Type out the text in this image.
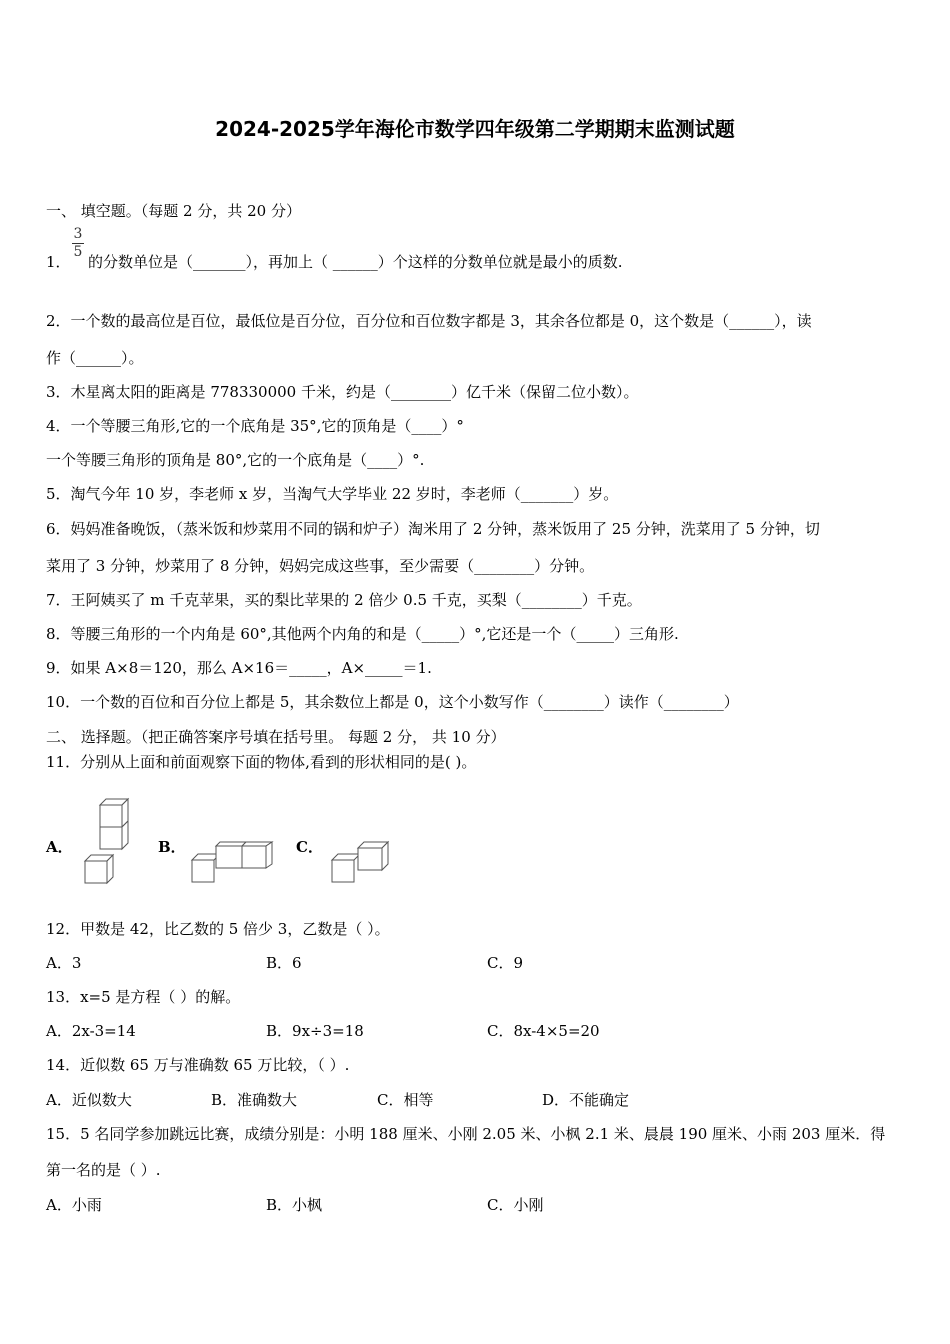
2024-2025学年海伦市数学四年级第二学期期末监测试题
一、 填空题。（每题 2 分，共 20 分）
$\frac{3}{5}$
1． 的分数单位是（_______），再加上（ ______）个这样的分数单位就是最小的质数.
2．一个数的最高位是百位，最低位是百分位，百分位和百位数字都是 3，其余各位都是 0，这个数是（______），读
作（______）。
3．木星离太阳的距离是 778330000 千米，约是（________）亿千米（保留二位小数）。
4．一个等腰三角形,它的一个底角是 35°,它的顶角是（____）°
一个等腰三角形的顶角是 80°,它的一个底角是（____）°.
5．淘气今年 10 岁，李老师 x 岁，当淘气大学毕业 22 岁时，李老师（_______）岁。
6．妈妈准备晚饭，（蒸米饭和炒菜用不同的锅和炉子）淘米用了 2 分钟，蒸米饭用了 25 分钟，洗菜用了 5 分钟，切
菜用了 3 分钟，炒菜用了 8 分钟，妈妈完成这些事，至少需要（________）分钟。
7．王阿姨买了 m 千克苹果，买的梨比苹果的 2 倍少 0.5 千克，买梨（________）千克。
8．等腰三角形的一个内角是 60°,其他两个内角的和是（_____）°,它还是一个（_____）三角形.
9．如果 A×8＝120，那么 A×16＝_____，A×_____＝1.
10．一个数的百位和百分位上都是 5，其余数位上都是 0，这个小数写作（________）读作（________）
二、 选择题。（把正确答案序号填在括号里。 每题 2 分， 共 10 分）
11．分别从上面和前面观察下面的物体,看到的形状相同的是( )。
A．	B．	C．
12．甲数是 42，比乙数的 5 倍少 3，乙数是（ ）。
A．3	B．6	C．9
13．x=5 是方程（ ）的解。
A．2x-3=14	B．9x÷3=18	C．8x-4×5=20
14．近似数 65 万与准确数 65 万比较，（ ）.
A．近似数大	B．准确数大	C．相等	D．不能确定
15．5 名同学参加跳远比赛，成绩分别是：小明 188 厘米、小刚 2.05 米、小枫 2.1 米、晨晨 190 厘米、小雨 203 厘米．得
第一名的是（ ）.
A．小雨	B．小枫	C．小刚
